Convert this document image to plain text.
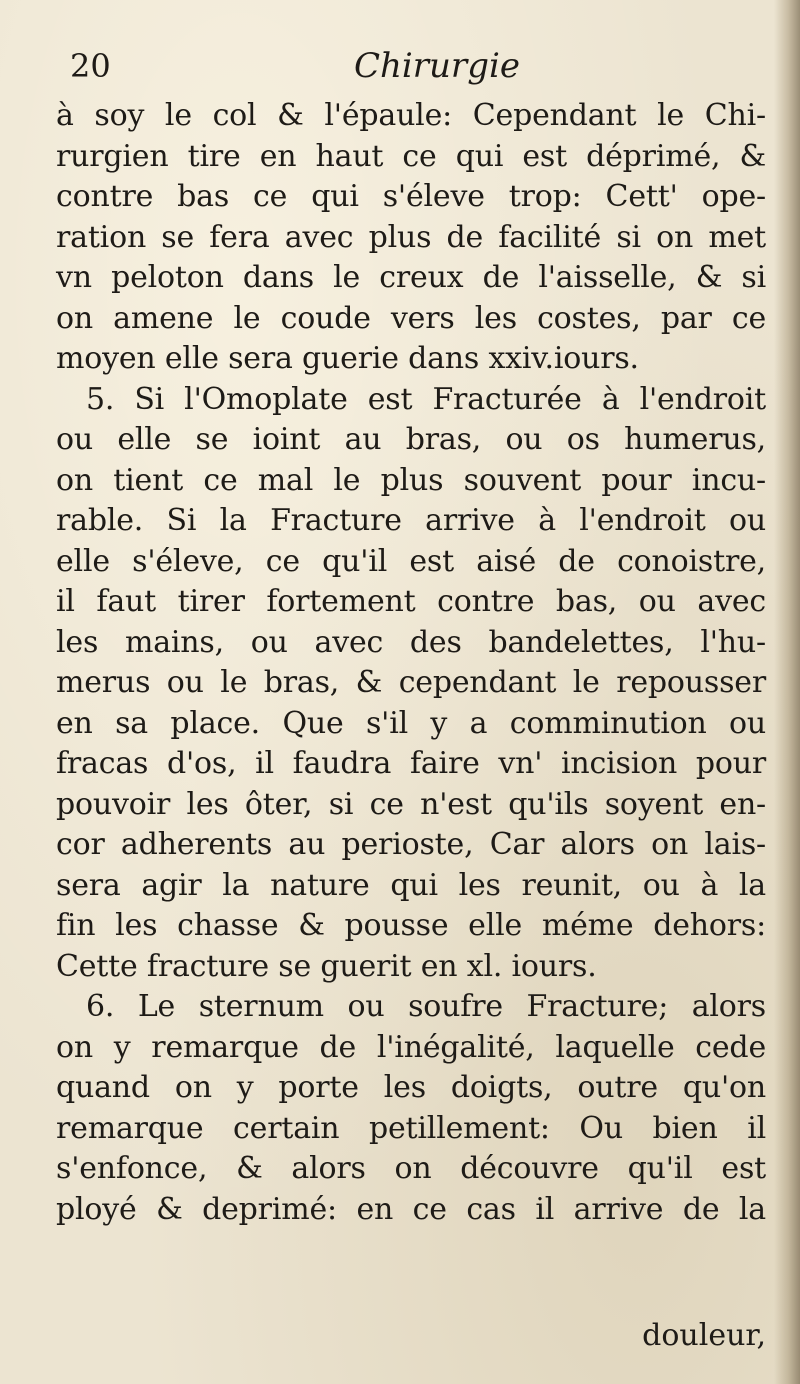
20	Chirurgie
à soy le col & l'épaule: Cependant le Chi-
rurgien tire en haut ce qui est déprimé, &
contre bas ce qui s'éleve trop: Cett' ope-
ration se fera avec plus de facilité si on met
vn peloton dans le creux de l'aisselle, & si
on amene le coude vers les costes, par ce
moyen elle sera guerie dans xxiv.iours.
5. Si l'Omoplate est Fracturée à l'endroit
ou elle se ioint au bras, ou os humerus,
on tient ce mal le plus souvent pour incu-
rable. Si la Fracture arrive à l'endroit ou
elle s'éleve, ce qu'il est aisé de conoistre,
il faut tirer fortement contre bas, ou avec
les mains, ou avec des bandelettes, l'hu-
merus ou le bras, & cependant le repousser
en sa place. Que s'il y a comminution ou
fracas d'os, il faudra faire vn' incision pour
pouvoir les ôter, si ce n'est qu'ils soyent en-
cor adherents au perioste, Car alors on lais-
sera agir la nature qui les reunit, ou à la
fin les chasse & pousse elle méme dehors:
Cette fracture se guerit en xl. iours.
6. Le sternum ou soufre Fracture; alors
on y remarque de l'inégalité, laquelle cede
quand on y porte les doigts, outre qu'on
remarque certain petillement: Ou bien il
s'enfonce, & alors on découvre qu'il est
ployé & deprimé: en ce cas il arrive de la
douleur,
